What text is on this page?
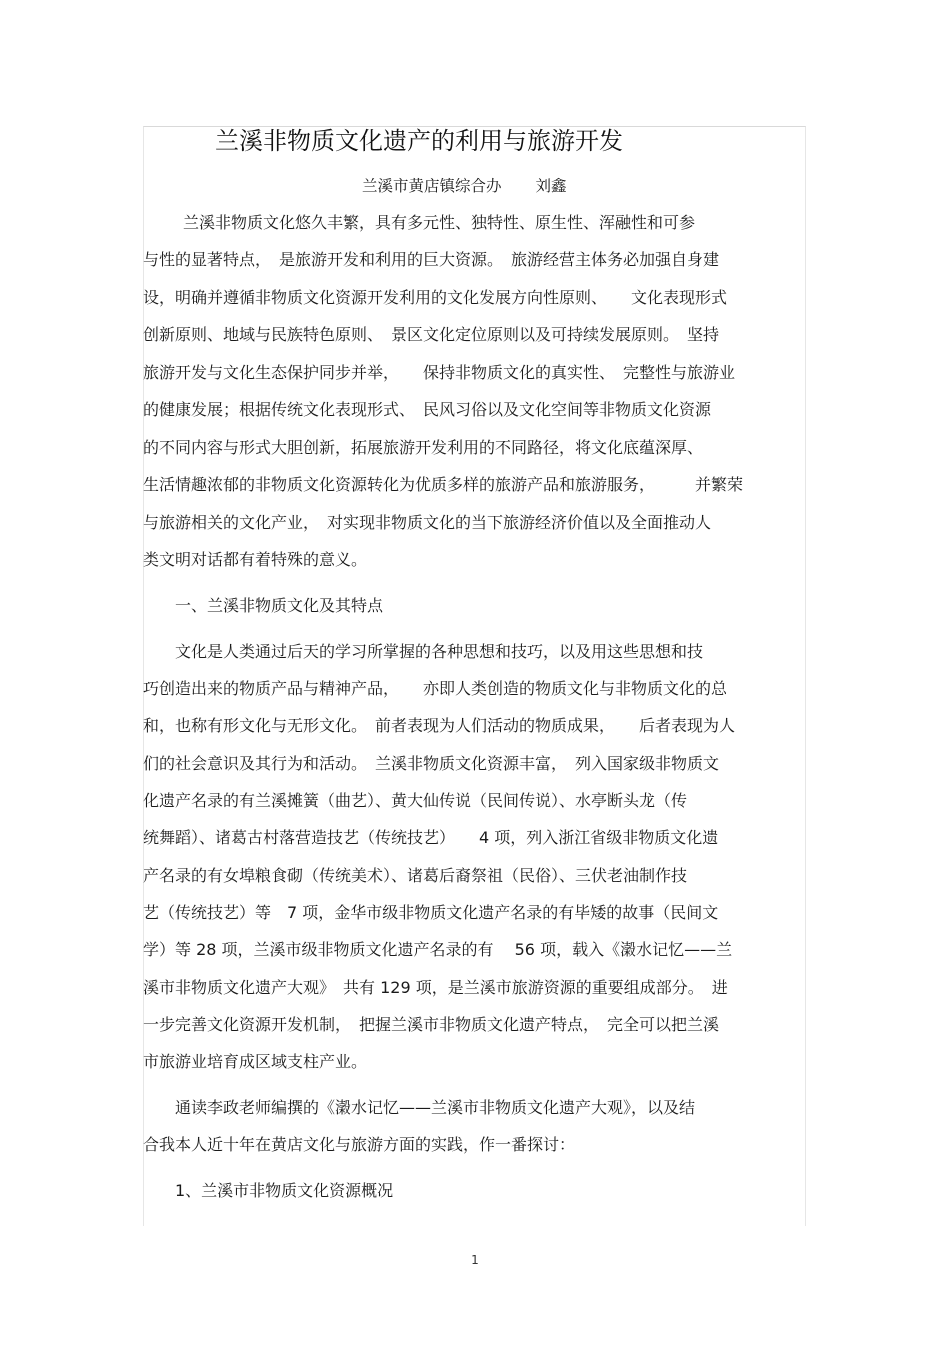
兰溪非物质文化遗产的利用与旅游开发
兰溪市黄店镇综合办 刘鑫
兰溪非物质文化悠久丰繁，具有多元性、独特性、原生性、浑融性和可参
与性的显著特点，　是旅游开发和利用的巨大资源。　旅游经营主体务必加强自身建
设，明确并遵循非物质文化资源开发利用的文化发展方向性原则、　　文化表现形式
创新原则、地域与民族特色原则、　景区文化定位原则以及可持续发展原则。　坚持
旅游开发与文化生态保护同步并举，　　保持非物质文化的真实性、　完整性与旅游业
的健康发展；根据传统文化表现形式、　民风习俗以及文化空间等非物质文化资源
的不同内容与形式大胆创新，拓展旅游开发利用的不同路径，将文化底蕴深厚、
生活情趣浓郁的非物质文化资源转化为优质多样的旅游产品和旅游服务，　　　并繁荣
与旅游相关的文化产业，　对实现非物质文化的当下旅游经济价值以及全面推动人
类文明对话都有着特殊的意义。
一、兰溪非物质文化及其特点
文化是人类通过后天的学习所掌握的各种思想和技巧，以及用这些思想和技
巧创造出来的物质产品与精神产品，　　亦即人类创造的物质文化与非物质文化的总
和，也称有形文化与无形文化。　前者表现为人们活动的物质成果，　　后者表现为人
们的社会意识及其行为和活动。　兰溪非物质文化资源丰富，　列入国家级非物质文
化遗产名录的有兰溪摊簧（曲艺）、黄大仙传说（民间传说）、水亭断头龙（传
统舞蹈）、诸葛古村落营造技艺（传统技艺）　　4 项，列入浙江省级非物质文化遗
产名录的有女埠粮食砌（传统美术）、诸葛后裔祭祖（民俗）、三伏老油制作技
艺（传统技艺）等　7 项，金华市级非物质文化遗产名录的有毕矮的故事（民间文
学）等 28 项，兰溪市级非物质文化遗产名录的有　 56 项，载入《濲水记忆——兰
溪市非物质文化遗产大观》　共有 129 项，是兰溪市旅游资源的重要组成部分。　进
一步完善文化资源开发机制，　把握兰溪市非物质文化遗产特点，　完全可以把兰溪
市旅游业培育成区域支柱产业。
通读李政老师编撰的《濲水记忆——兰溪市非物质文化遗产大观》，以及结
合我本人近十年在黄店文化与旅游方面的实践，作一番探讨：
1、兰溪市非物质文化资源概况
1
